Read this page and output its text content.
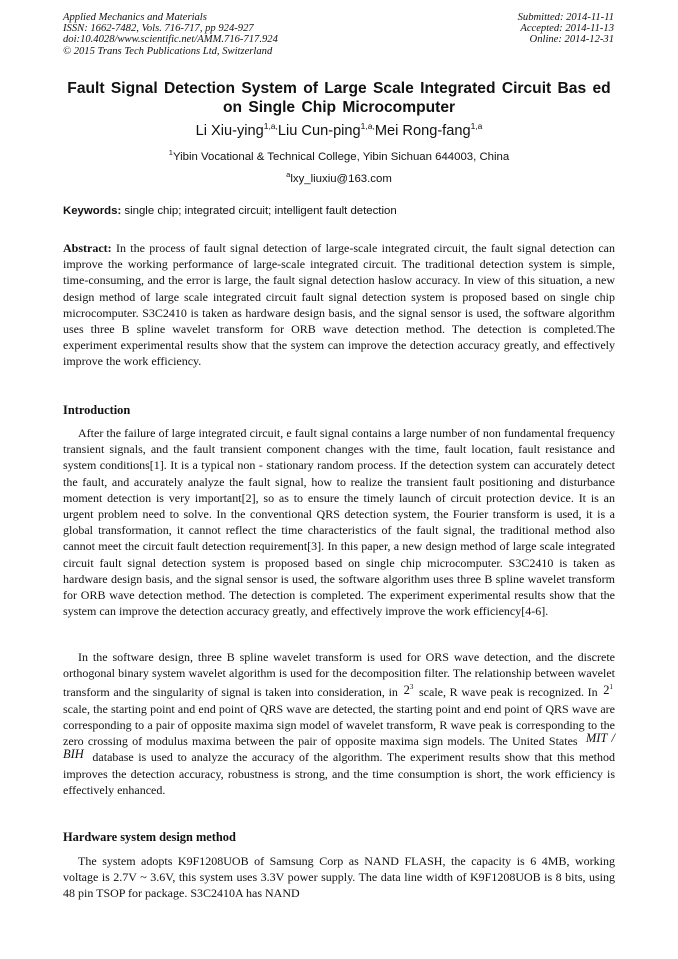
Applied Mechanics and Materials
ISSN: 1662-7482, Vols. 716-717, pp 924-927
doi:10.4028/www.scientific.net/AMM.716-717.924
© 2015 Trans Tech Publications Ltd, Switzerland
Submitted: 2014-11-11
Accepted: 2014-11-13
Online: 2014-12-31
Fault Signal Detection System of Large Scale Integrated Circuit Bas ed on Single Chip Microcomputer
Li Xiu-ying$^{1,a,}$Liu Cun-ping$^{1,a,}$Mei Rong-fang$^{1,a}$
$^1$Yibin Vocational & Technical College, Yibin Sichuan 644003, China
$^a$lxy_liuxiu@163.com
Keywords: single chip; integrated circuit; intelligent fault detection
Abstract: In the process of fault signal detection of large-scale integrated circuit, the fault signal detection can improve the working performance of large-scale integrated circuit. The traditional detection system is simple, time-consuming, and the error is large, the fault signal detection haslow accuracy. In view of this situation, a new design method of large scale integrated circuit fault signal detection system is proposed based on single chip microcomputer. S3C2410 is taken as hardware design basis, and the signal sensor is used, the software algorithm uses three B spline wavelet transform for ORB wave detection method. The detection is completed.The experiment experimental results show that the system can improve the detection accuracy greatly, and effectively improve the work efficiency.
Introduction
After the failure of large integrated circuit, e fault signal contains a large number of non fundamental frequency transient signals, and the fault transient component changes with the time, fault location, fault resistance and system conditions[1]. It is a typical non - stationary random process. If the detection system can accurately detect the fault, and accurately analyze the fault signal, how to realize the transient fault positioning and disturbance moment detection is very important[2], so as to ensure the timely launch of circuit protection device. It is an urgent problem need to solve. In the conventional QRS detection system, the Fourier transform is used, it is a global transformation, it cannot reflect the time characteristics of the fault signal, the traditional method also cannot meet the circuit fault detection requirement[3]. In this paper, a new design method of large scale integrated circuit fault signal detection system is proposed based on single chip microcomputer. S3C2410 is taken as hardware design basis, and the signal sensor is used, the software algorithm uses three B spline wavelet transform for ORB wave detection method. The detection is completed. The experiment experimental results show that the system can improve the detection accuracy greatly, and effectively improve the work efficiency[4-6].
In the software design, three B spline wavelet transform is used for ORS wave detection, and the discrete orthogonal binary system wavelet algorithm is used for the decomposition filter. The relationship between wavelet transform and the singularity of signal is taken into consideration, in $2^3$ scale, R wave peak is recognized. In $2^1$ scale, the starting point and end point of QRS wave are detected, the starting point and end point of QRS wave are corresponding to a pair of opposite maxima sign model of wavelet transform, R wave peak is corresponding to the zero crossing of modulus maxima between the pair of opposite maxima sign models. The United States MIT / BIH database is used to analyze the accuracy of the algorithm. The experiment results show that this method improves the detection accuracy, robustness is strong, and the time consumption is short, the work efficiency is effectively enhanced.
Hardware system design method
The system adopts K9F1208UOB of Samsung Corp as NAND FLASH, the capacity is 6 4MB, working voltage is 2.7V ~ 3.6V, this system uses 3.3V power supply. The data line width of K9F1208UOB is 8 bits, using 48 pin TSOP for package. S3C2410A has NAND
